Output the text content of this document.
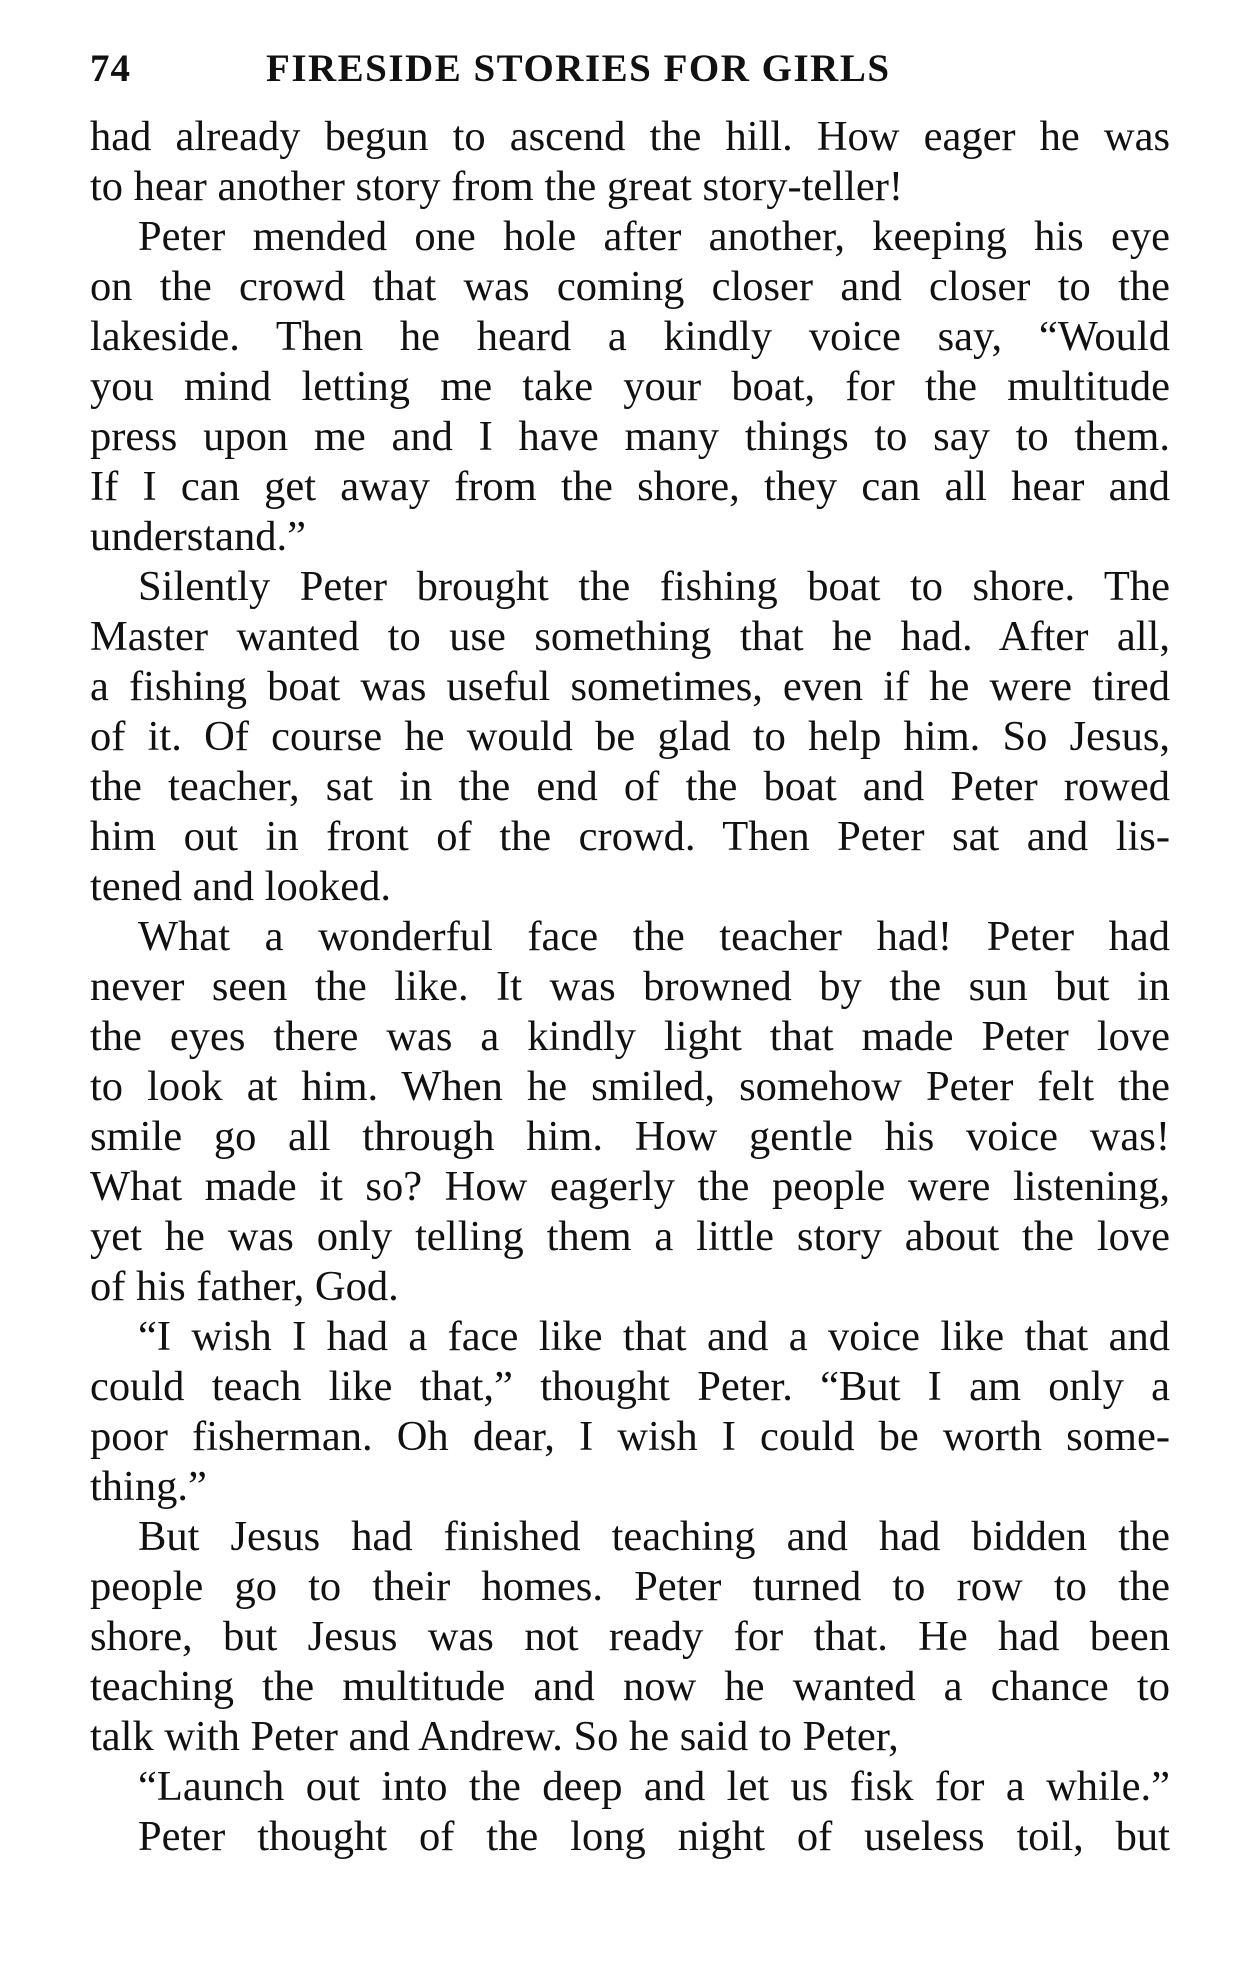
74	FIRESIDE STORIES FOR GIRLS
had already begun to ascend the hill. How eager he was
to hear another story from the great story-teller!
Peter mended one hole after another, keeping his eye
on the crowd that was coming closer and closer to the
lakeside. Then he heard a kindly voice say, “Would
you mind letting me take your boat, for the multitude
press upon me and I have many things to say to them.
If I can get away from the shore, they can all hear and
understand.”
Silently Peter brought the fishing boat to shore. The
Master wanted to use something that he had. After all,
a fishing boat was useful sometimes, even if he were tired
of it. Of course he would be glad to help him. So Jesus,
the teacher, sat in the end of the boat and Peter rowed
him out in front of the crowd. Then Peter sat and lis-
tened and looked.
What a wonderful face the teacher had! Peter had
never seen the like. It was browned by the sun but in
the eyes there was a kindly light that made Peter love
to look at him. When he smiled, somehow Peter felt the
smile go all through him. How gentle his voice was!
What made it so? How eagerly the people were listening,
yet he was only telling them a little story about the love
of his father, God.
“I wish I had a face like that and a voice like that and
could teach like that,” thought Peter. “But I am only a
poor fisherman. Oh dear, I wish I could be worth some-
thing.”
But Jesus had finished teaching and had bidden the
people go to their homes. Peter turned to row to the
shore, but Jesus was not ready for that. He had been
teaching the multitude and now he wanted a chance to
talk with Peter and Andrew. So he said to Peter,
“Launch out into the deep and let us fisk for a while.”
Peter thought of the long night of useless toil, but
